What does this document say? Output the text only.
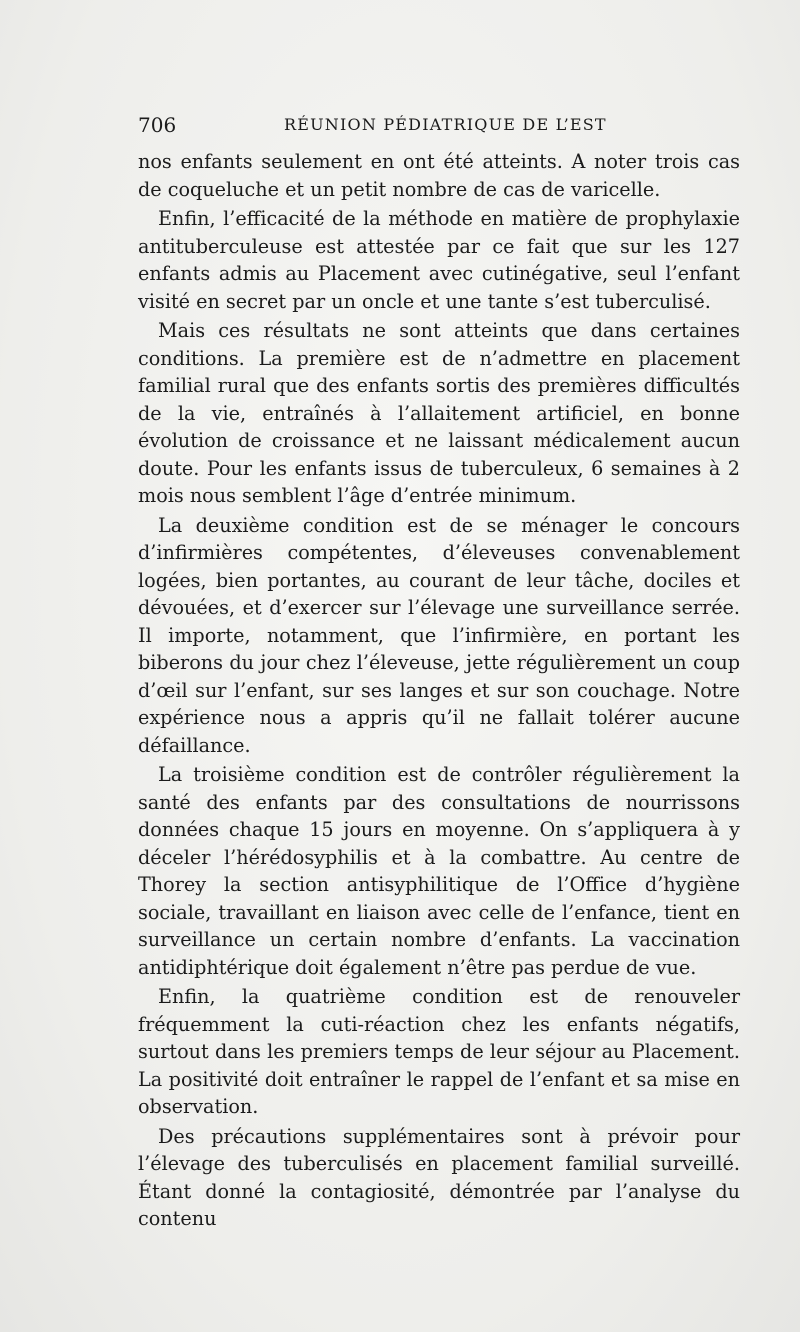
706	RÉUNION PÉDIATRIQUE DE L’EST

nos enfants seulement en ont été atteints. A noter trois cas de coqueluche et un petit nombre de cas de varicelle.

Enfin, l’efficacité de la méthode en matière de prophylaxie antituberculeuse est attestée par ce fait que sur les 127 enfants admis au Placement avec cutinégative, seul l’enfant visité en secret par un oncle et une tante s’est tuberculisé.

Mais ces résultats ne sont atteints que dans certaines conditions. La première est de n’admettre en placement familial rural que des enfants sortis des premières difficultés de la vie, entraînés à l’allaitement artificiel, en bonne évolution de croissance et ne laissant médicalement aucun doute. Pour les enfants issus de tuberculeux, 6 semaines à 2 mois nous semblent l’âge d’entrée minimum.

La deuxième condition est de se ménager le concours d’infirmières compétentes, d’éleveuses convenablement logées, bien portantes, au courant de leur tâche, dociles et dévouées, et d’exercer sur l’élevage une surveillance serrée. Il importe, notamment, que l’infirmière, en portant les biberons du jour chez l’éleveuse, jette régulièrement un coup d’œil sur l’enfant, sur ses langes et sur son couchage. Notre expérience nous a appris qu’il ne fallait tolérer aucune défaillance.

La troisième condition est de contrôler régulièrement la santé des enfants par des consultations de nourrissons données chaque 15 jours en moyenne. On s’appliquera à y déceler l’hérédosyphilis et à la combattre. Au centre de Thorey la section antisyphilitique de l’Office d’hygiène sociale, travaillant en liaison avec celle de l’enfance, tient en surveillance un certain nombre d’enfants. La vaccination antidiphtérique doit également n’être pas perdue de vue.

Enfin, la quatrième condition est de renouveler fréquemment la cuti-réaction chez les enfants négatifs, surtout dans les premiers temps de leur séjour au Placement. La positivité doit entraîner le rappel de l’enfant et sa mise en observation.

Des précautions supplémentaires sont à prévoir pour l’élevage des tuberculisés en placement familial surveillé. Étant donné la contagiosité, démontrée par l’analyse du contenu
